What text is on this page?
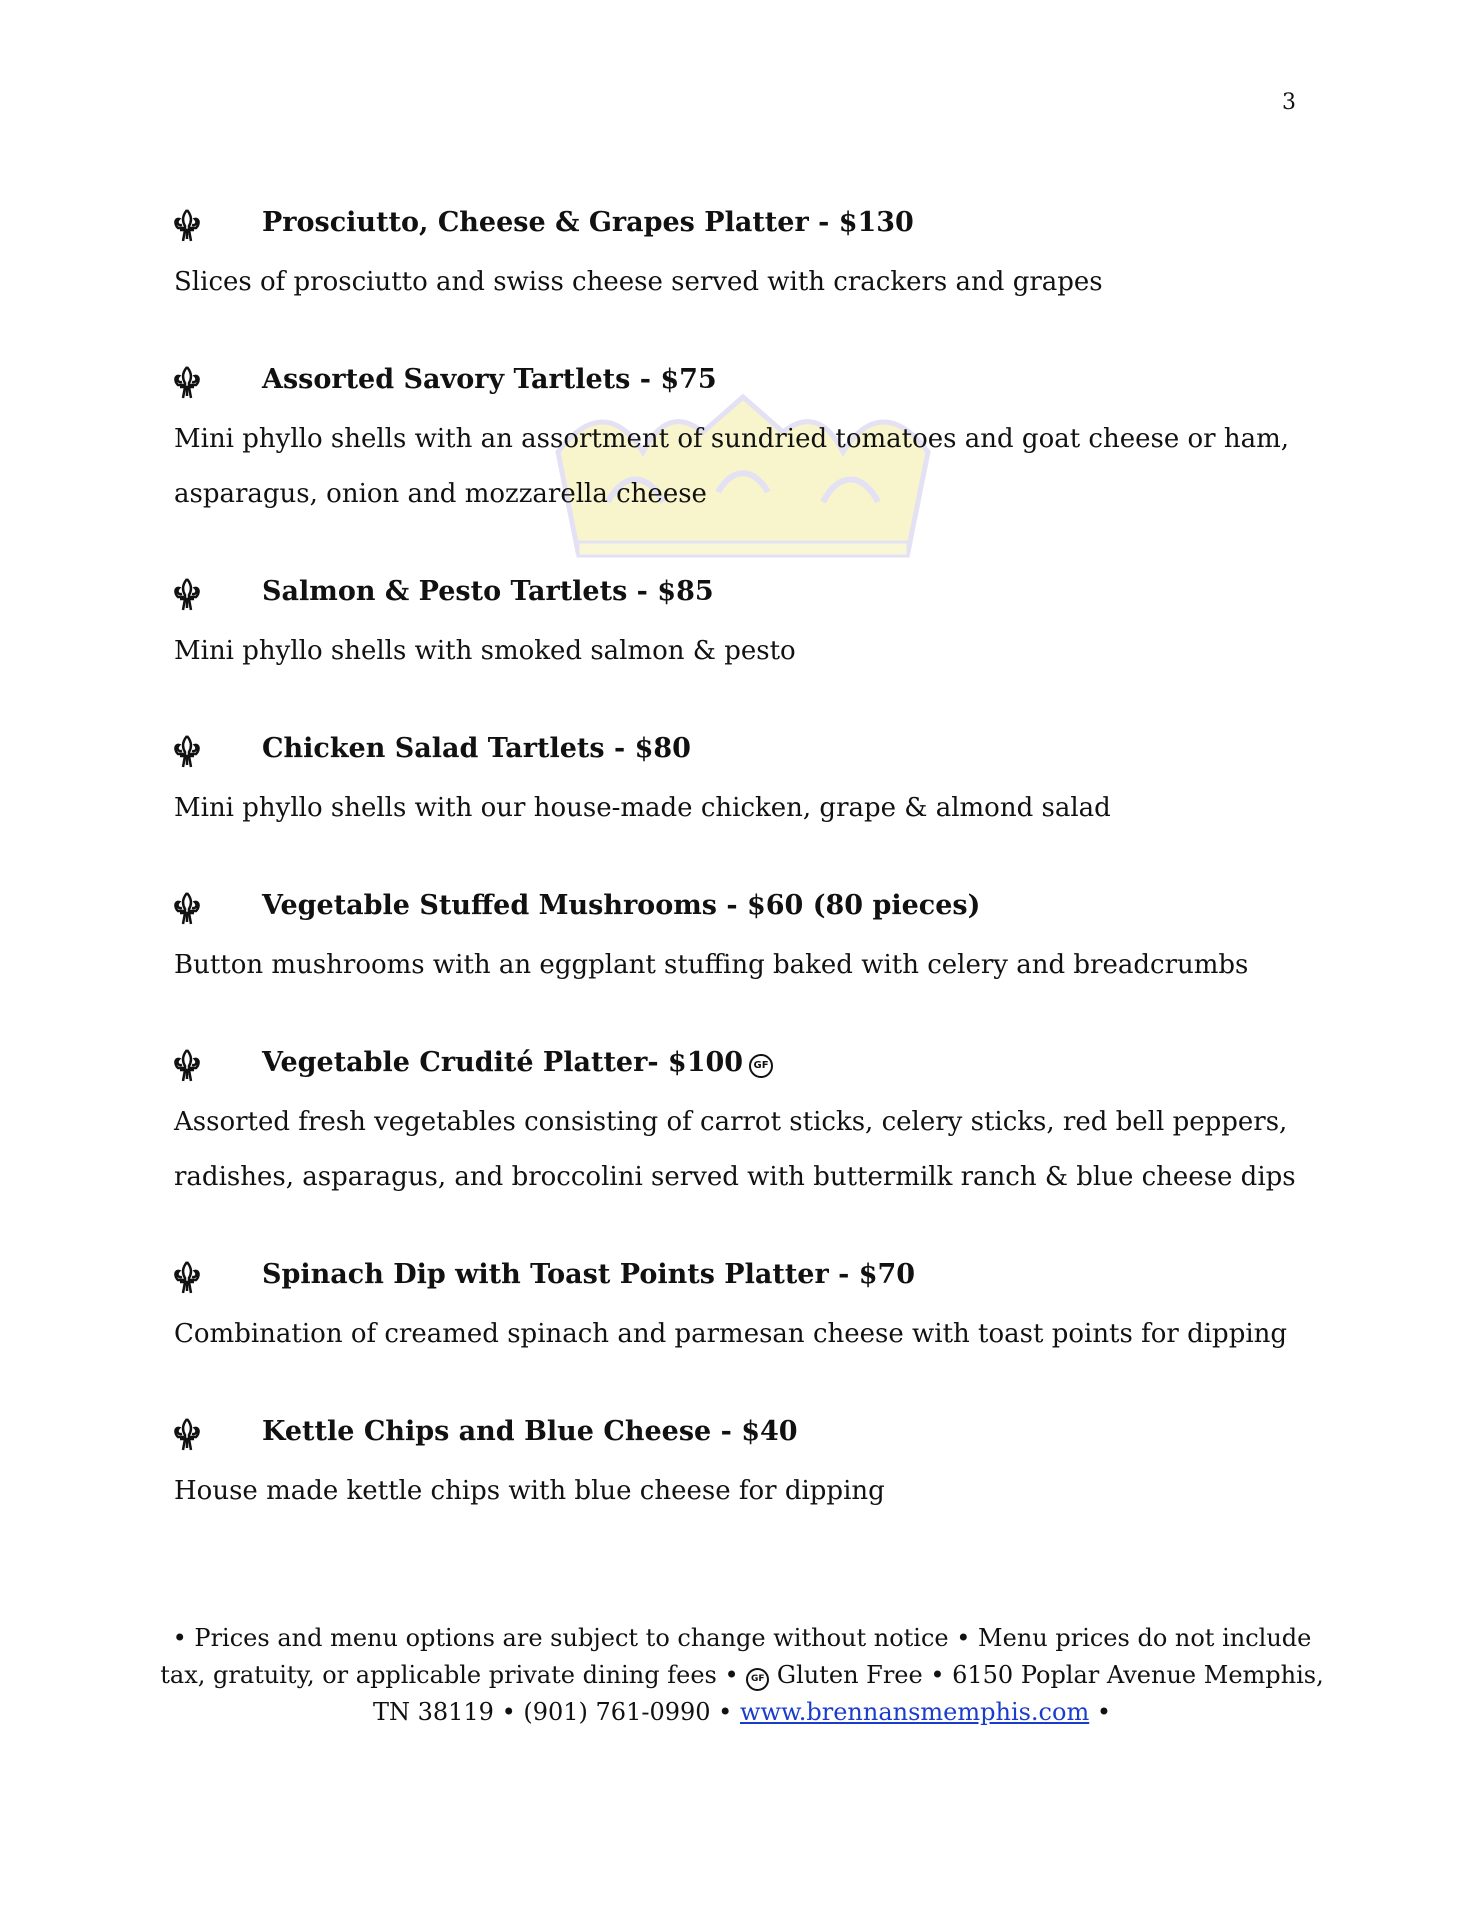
3
Prosciutto, Cheese & Grapes Platter - $130
Slices of prosciutto and swiss cheese served with crackers and grapes
Assorted Savory Tartlets - $75
Mini phyllo shells with an assortment of sundried tomatoes and goat cheese or ham, asparagus, onion and mozzarella cheese
Salmon & Pesto Tartlets - $85
Mini phyllo shells with smoked salmon & pesto
Chicken Salad Tartlets - $80
Mini phyllo shells with our house-made chicken, grape & almond salad
Vegetable Stuffed Mushrooms - $60 (80 pieces)
Button mushrooms with an eggplant stuffing baked with celery and breadcrumbs
Vegetable Crudité Platter- $100 GF
Assorted fresh vegetables consisting of carrot sticks, celery sticks, red bell peppers, radishes, asparagus, and broccolini served with buttermilk ranch & blue cheese dips
Spinach Dip with Toast Points Platter - $70
Combination of creamed spinach and parmesan cheese with toast points for dipping
Kettle Chips and Blue Cheese - $40
House made kettle chips with blue cheese for dipping
• Prices and menu options are subject to change without notice • Menu prices do not include tax, gratuity, or applicable private dining fees • GF Gluten Free • 6150 Poplar Avenue Memphis, TN 38119 • (901) 761-0990 • www.brennansmemphis.com •
